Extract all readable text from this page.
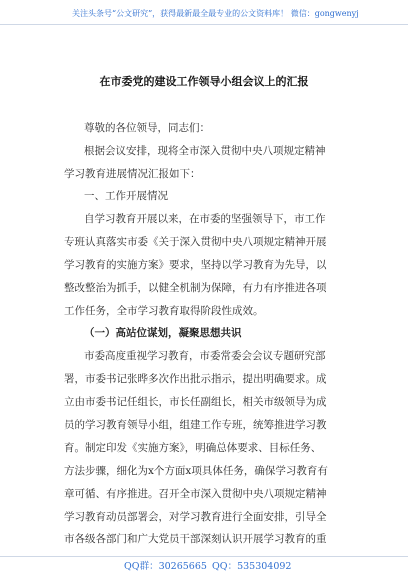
关注头条号“公文研究”，获得最新最全最专业的公文资料库！ 微信：gongwenyj
在市委党的建设工作领导小组会议上的汇报
尊敬的各位领导，同志们：
根据会议安排，现将全市深入贯彻中央八项规定精神
学习教育进展情况汇报如下：
一、工作开展情况
自学习教育开展以来，在市委的坚强领导下，市工作
专班认真落实市委《关于深入贯彻中央八项规定精神开展
学习教育的实施方案》要求，坚持以学习教育为先导，以
整改整治为抓手，以健全机制为保障，有力有序推进各项
工作任务，全市学习教育取得阶段性成效。
（一）高站位谋划，凝聚思想共识
市委高度重视学习教育，市委常委会会议专题研究部
署，市委书记张晔多次作出批示指示，提出明确要求。成
立由市委书记任组长，市长任副组长，相关市级领导为成
员的学习教育领导小组，组建工作专班，统筹推进学习教
育。制定印发《实施方案》，明确总体要求、目标任务、
方法步骤，细化为x个方面x项具体任务，确保学习教育有
章可循、有序推进。召开全市深入贯彻中央八项规定精神
学习教育动员部署会，对学习教育进行全面安排，引导全
市各级各部门和广大党员干部深刻认识开展学习教育的重
QQ群：30265665 QQ：535304092
